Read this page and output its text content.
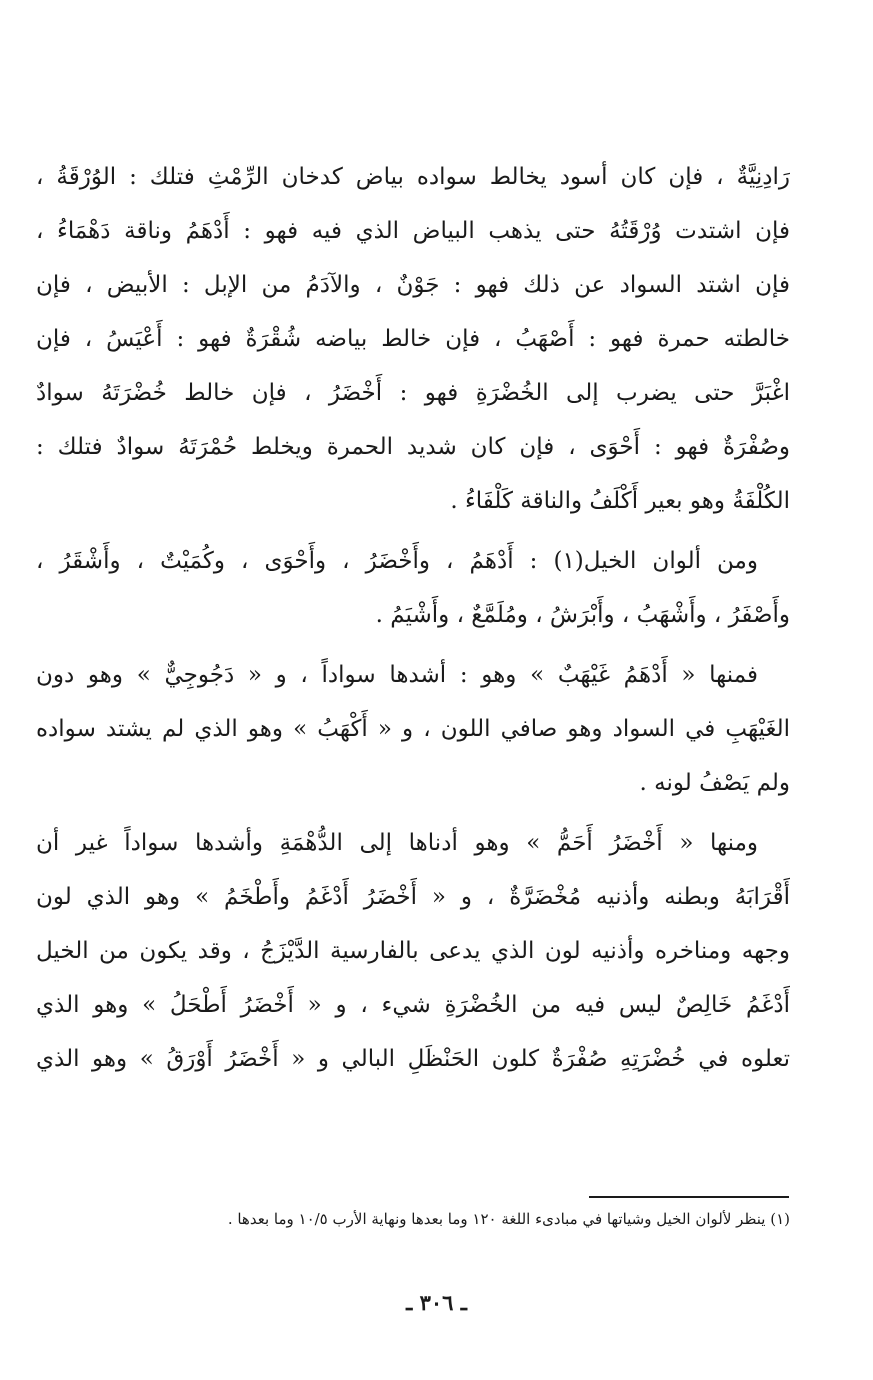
رَادِنِيَّةٌ ، فإن كان أسود يخالط سواده بياض كدخان الرِّمْثِ فتلك : الوُرْقَةُ ،
فإن اشتدت وُرْقَتُهُ حتى يذهب البياض الذي فيه فهو : أَدْهَمُ وناقة دَهْمَاءُ ،
فإن اشتد السواد عن ذلك فهو : جَوْنٌ ، والآدَمُ من الإبل : الأبيض ، فإن
خالطته حمرة فهو : أَصْهَبُ ، فإن خالط بياضه شُقْرَةٌ فهو : أَعْيَسُ ، فإن
اغْبَرَّ حتى يضرب إلى الخُضْرَةِ فهو : أَخْضَرُ ، فإن خالط خُضْرَتَهُ سوادٌ
وصُفْرَةٌ فهو : أَحْوَى ، فإن كان شديد الحمرة ويخلط حُمْرَتَهُ سوادٌ فتلك :
الكُلْفَةُ وهو بعير أَكْلَفُ والناقة كَلْفَاءُ .
ومن ألوان الخيل(١) : أَدْهَمُ ، وأَخْضَرُ ، وأَحْوَى ، وكُمَيْتٌ ، وأَشْقَرُ ،
وأَصْفَرُ ، وأَشْهَبُ ، وأَبْرَشُ ، ومُلَمَّعٌ ، وأَشْيَمُ .
فمنها « أَدْهَمُ غَيْهَبٌ » وهو : أشدها سواداً ، و « دَجُوجِيٌّ » وهو دون
الغَيْهَبِ في السواد وهو صافي اللون ، و « أَكْهَبُ » وهو الذي لم يشتد سواده
ولم يَصْفُ لونه .
ومنها « أَخْضَرُ أَحَمُّ » وهو أدناها إلى الدُّهْمَةِ وأشدها سواداً غير أن
أَقْرَابَهُ وبطنه وأذنيه مُخْضَرَّةٌ ، و « أَخْضَرُ أَدْغَمُ وأَطْخَمُ » وهو الذي لون
وجهه ومناخره وأذنيه لون الذي يدعى بالفارسية الدَّيْزَجُ ، وقد يكون من الخيل
أَدْغَمُ خَالِصٌ ليس فيه من الخُضْرَةِ شيء ، و « أَخْضَرُ أَطْحَلُ » وهو الذي
تعلوه في خُضْرَتِهِ صُفْرَةٌ كلون الحَنْظَلِ البالي و « أَخْضَرُ أَوْرَقُ » وهو الذي
(١) ينظر لألوان الخيل وشياتها في مبادىء اللغة ١٢٠ وما بعدها ونهاية الأرب ١٠/٥ وما بعدها .
ـ ٣٠٦ ـ
